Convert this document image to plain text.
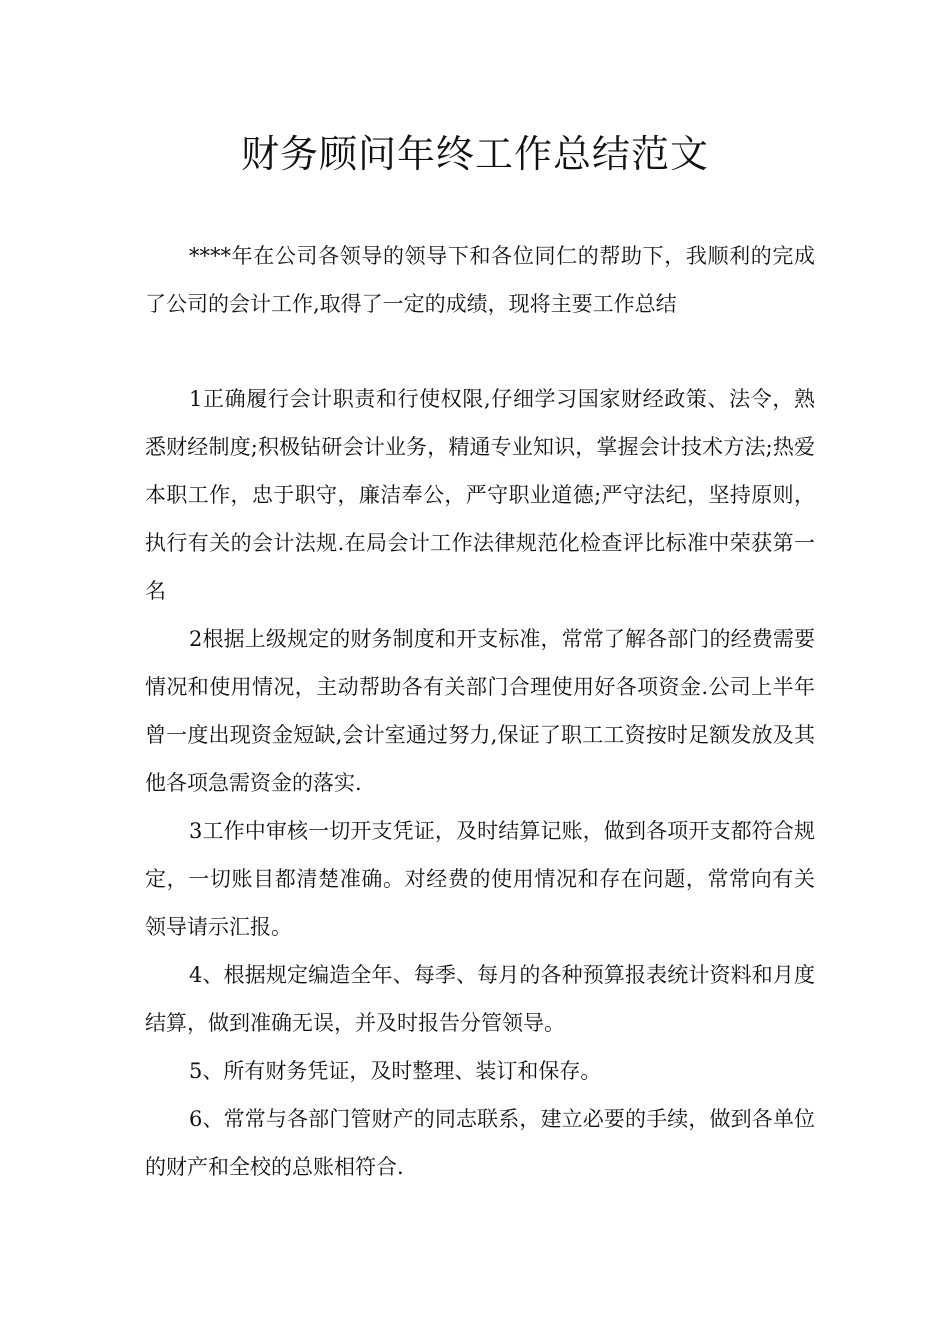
财务顾问年终工作总结范文

****年在公司各领导的领导下和各位同仁的帮助下，我顺利的完成了公司的会计工作,取得了一定的成绩，现将主要工作总结

1正确履行会计职责和行使权限,仔细学习国家财经政策、法令，熟悉财经制度;积极钻研会计业务，精通专业知识，掌握会计技术方法;热爱本职工作，忠于职守，廉洁奉公，严守职业道德;严守法纪，坚持原则，执行有关的会计法规.在局会计工作法律规范化检查评比标准中荣获第一名

2根据上级规定的财务制度和开支标准，常常了解各部门的经费需要情况和使用情况，主动帮助各有关部门合理使用好各项资金.公司上半年曾一度出现资金短缺,会计室通过努力,保证了职工工资按时足额发放及其他各项急需资金的落实.

3工作中审核一切开支凭证，及时结算记账，做到各项开支都符合规定，一切账目都清楚准确。对经费的使用情况和存在问题，常常向有关领导请示汇报。

4、根据规定编造全年、每季、每月的各种预算报表统计资料和月度结算，做到准确无误，并及时报告分管领导。

5、所有财务凭证，及时整理、装订和保存。

6、常常与各部门管财产的同志联系，建立必要的手续，做到各单位的财产和全校的总账相符合.
